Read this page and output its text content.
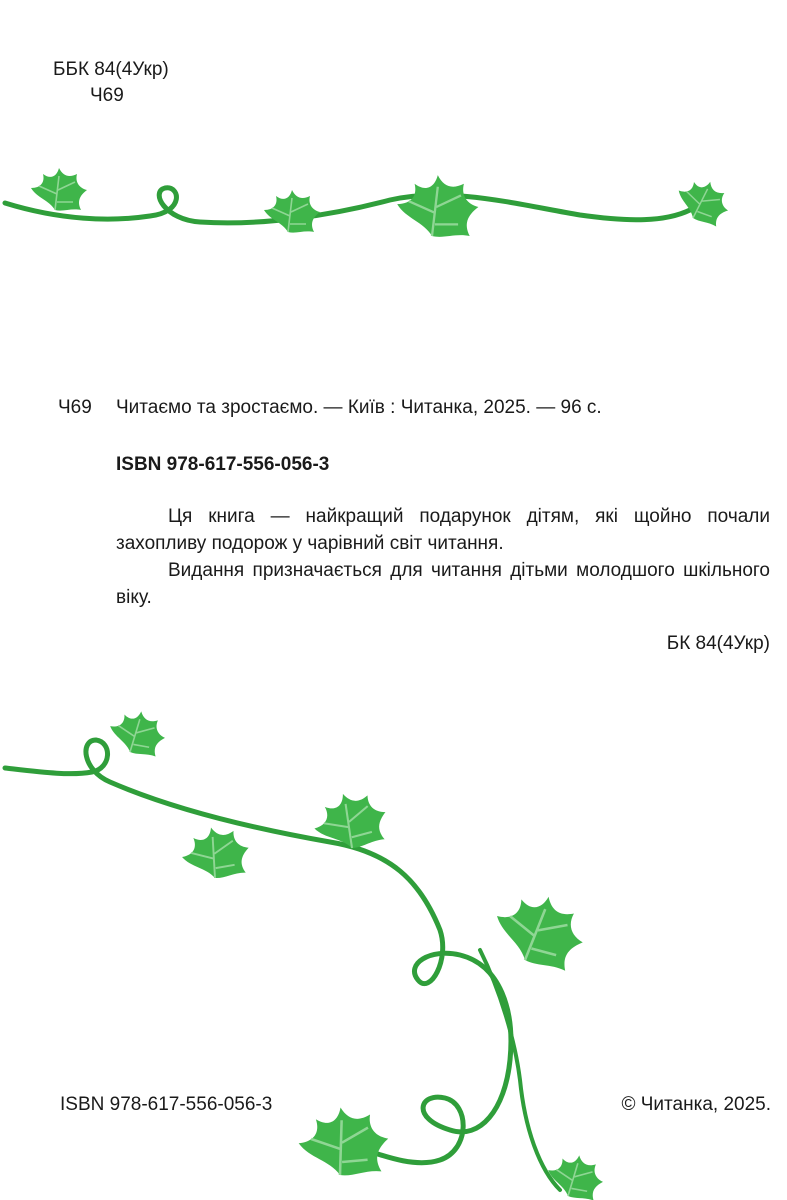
ББК 84(4Укр)
Ч69
Ч69 Читаємо та зростаємо. — Київ : Читанка, 2025. — 96 с.
ISBN 978-617-556-056-3
Ця книга — найкращий подарунок дітям, які щойно почали захопливу подорож у чарівний світ читання.
Видання призначається для читання дітьми молодшого шкільного віку.
БК 84(4Укр)
ISBN 978-617-556-056-3	© Читанка, 2025.
